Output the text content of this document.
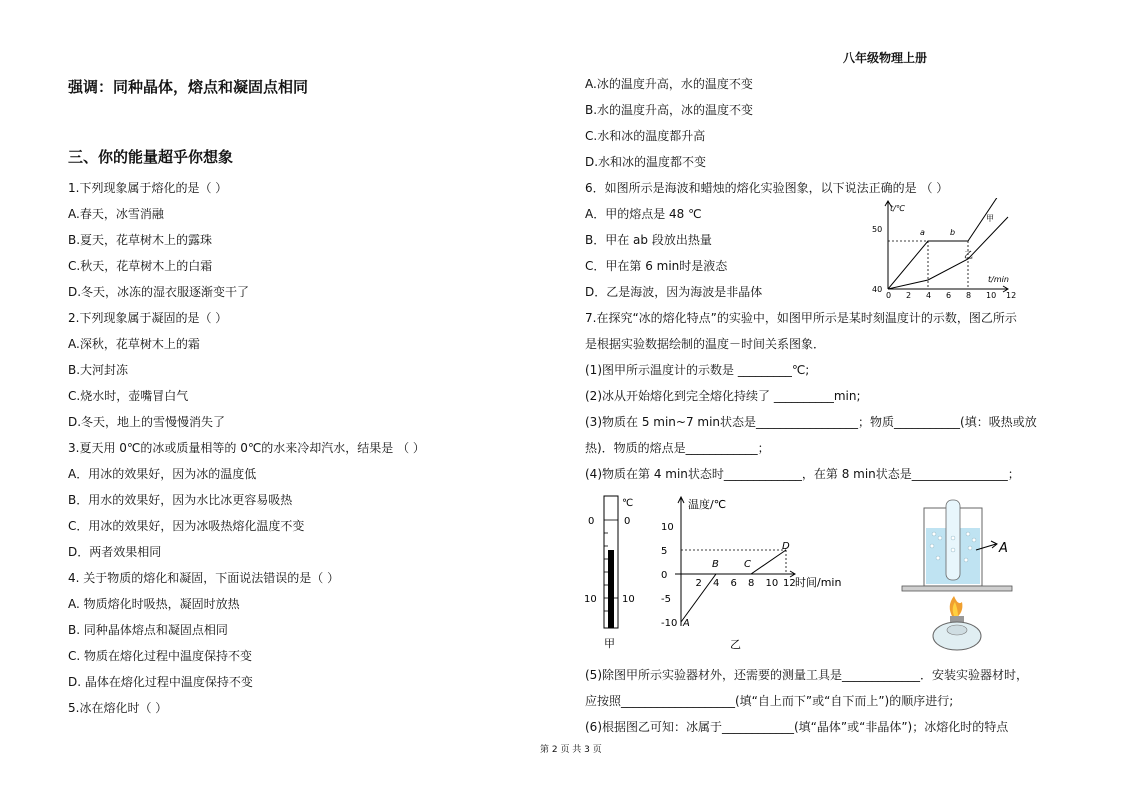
八年级物理上册
强调：同种晶体，熔点和凝固点相同
三、你的能量超乎你想象
1.下列现象属于熔化的是（ ）
A.春天，冰雪消融
B.夏天，花草树木上的露珠
C.秋天，花草树木上的白霜
D.冬天，冰冻的湿衣服逐渐变干了
2.下列现象属于凝固的是（ ）
A.深秋，花草树木上的霜
B.大河封冻
C.烧水时，壶嘴冒白气
D.冬天，地上的雪慢慢消失了
3.夏天用 0℃的冰或质量相等的 0℃的水来冷却汽水，结果是 （ ）
A．用冰的效果好，因为冰的温度低
B．用水的效果好，因为水比冰更容易吸热
C．用冰的效果好，因为冰吸热熔化温度不变
D．两者效果相同
4. 关于物质的熔化和凝固，下面说法错误的是（ ）
A. 物质熔化时吸热，凝固时放热
B. 同种晶体熔点和凝固点相同
C. 物质在熔化过程中温度保持不变
D. 晶体在熔化过程中温度保持不变
5.冰在熔化时（ ）
A.冰的温度升高，水的温度不变
B.水的温度升高，冰的温度不变
C.水和冰的温度都升高
D.水和冰的温度都不变
6．如图所示是海波和蜡烛的熔化实验图象，以下说法正确的是 （ ）
A．甲的熔点是 48 ℃
B．甲在 ab 段放出热量
C．甲在第 6 min时是液态
D．乙是海波，因为海波是非晶体
7.在探究“冰的熔化特点”的实验中，如图甲所示是某时刻温度计的示数，图乙所示
是根据实验数据绘制的温度－时间关系图象．
(1)图甲所示温度计的示数是 _________℃;
(2)冰从开始熔化到完全熔化持续了 __________min;
(3)物质在 5 min~7 min状态是_________________；物质___________(填：吸热或放
热)．物质的熔点是____________；
(4)物质在第 4 min状态时_____________，在第 8 min状态是________________；
(5)除图甲所示实验器材外，还需要的测量工具是_____________．安装实验器材时，
应按照___________________(填“自上而下”或“自下而上”)的顺序进行;
(6)根据图乙可知：冰属于____________(填“晶体”或“非晶体”)；冰熔化时的特点
0 2 4 6 8 10 12
40
50
t/℃
t/min
甲
乙
a	b
℃
0
10
0
10
甲
2 4 6 8 10 12
10
5
0
-5
-10
温度/℃
时间/min
A
B	C
D
乙
A
第 2 页 共 3 页
